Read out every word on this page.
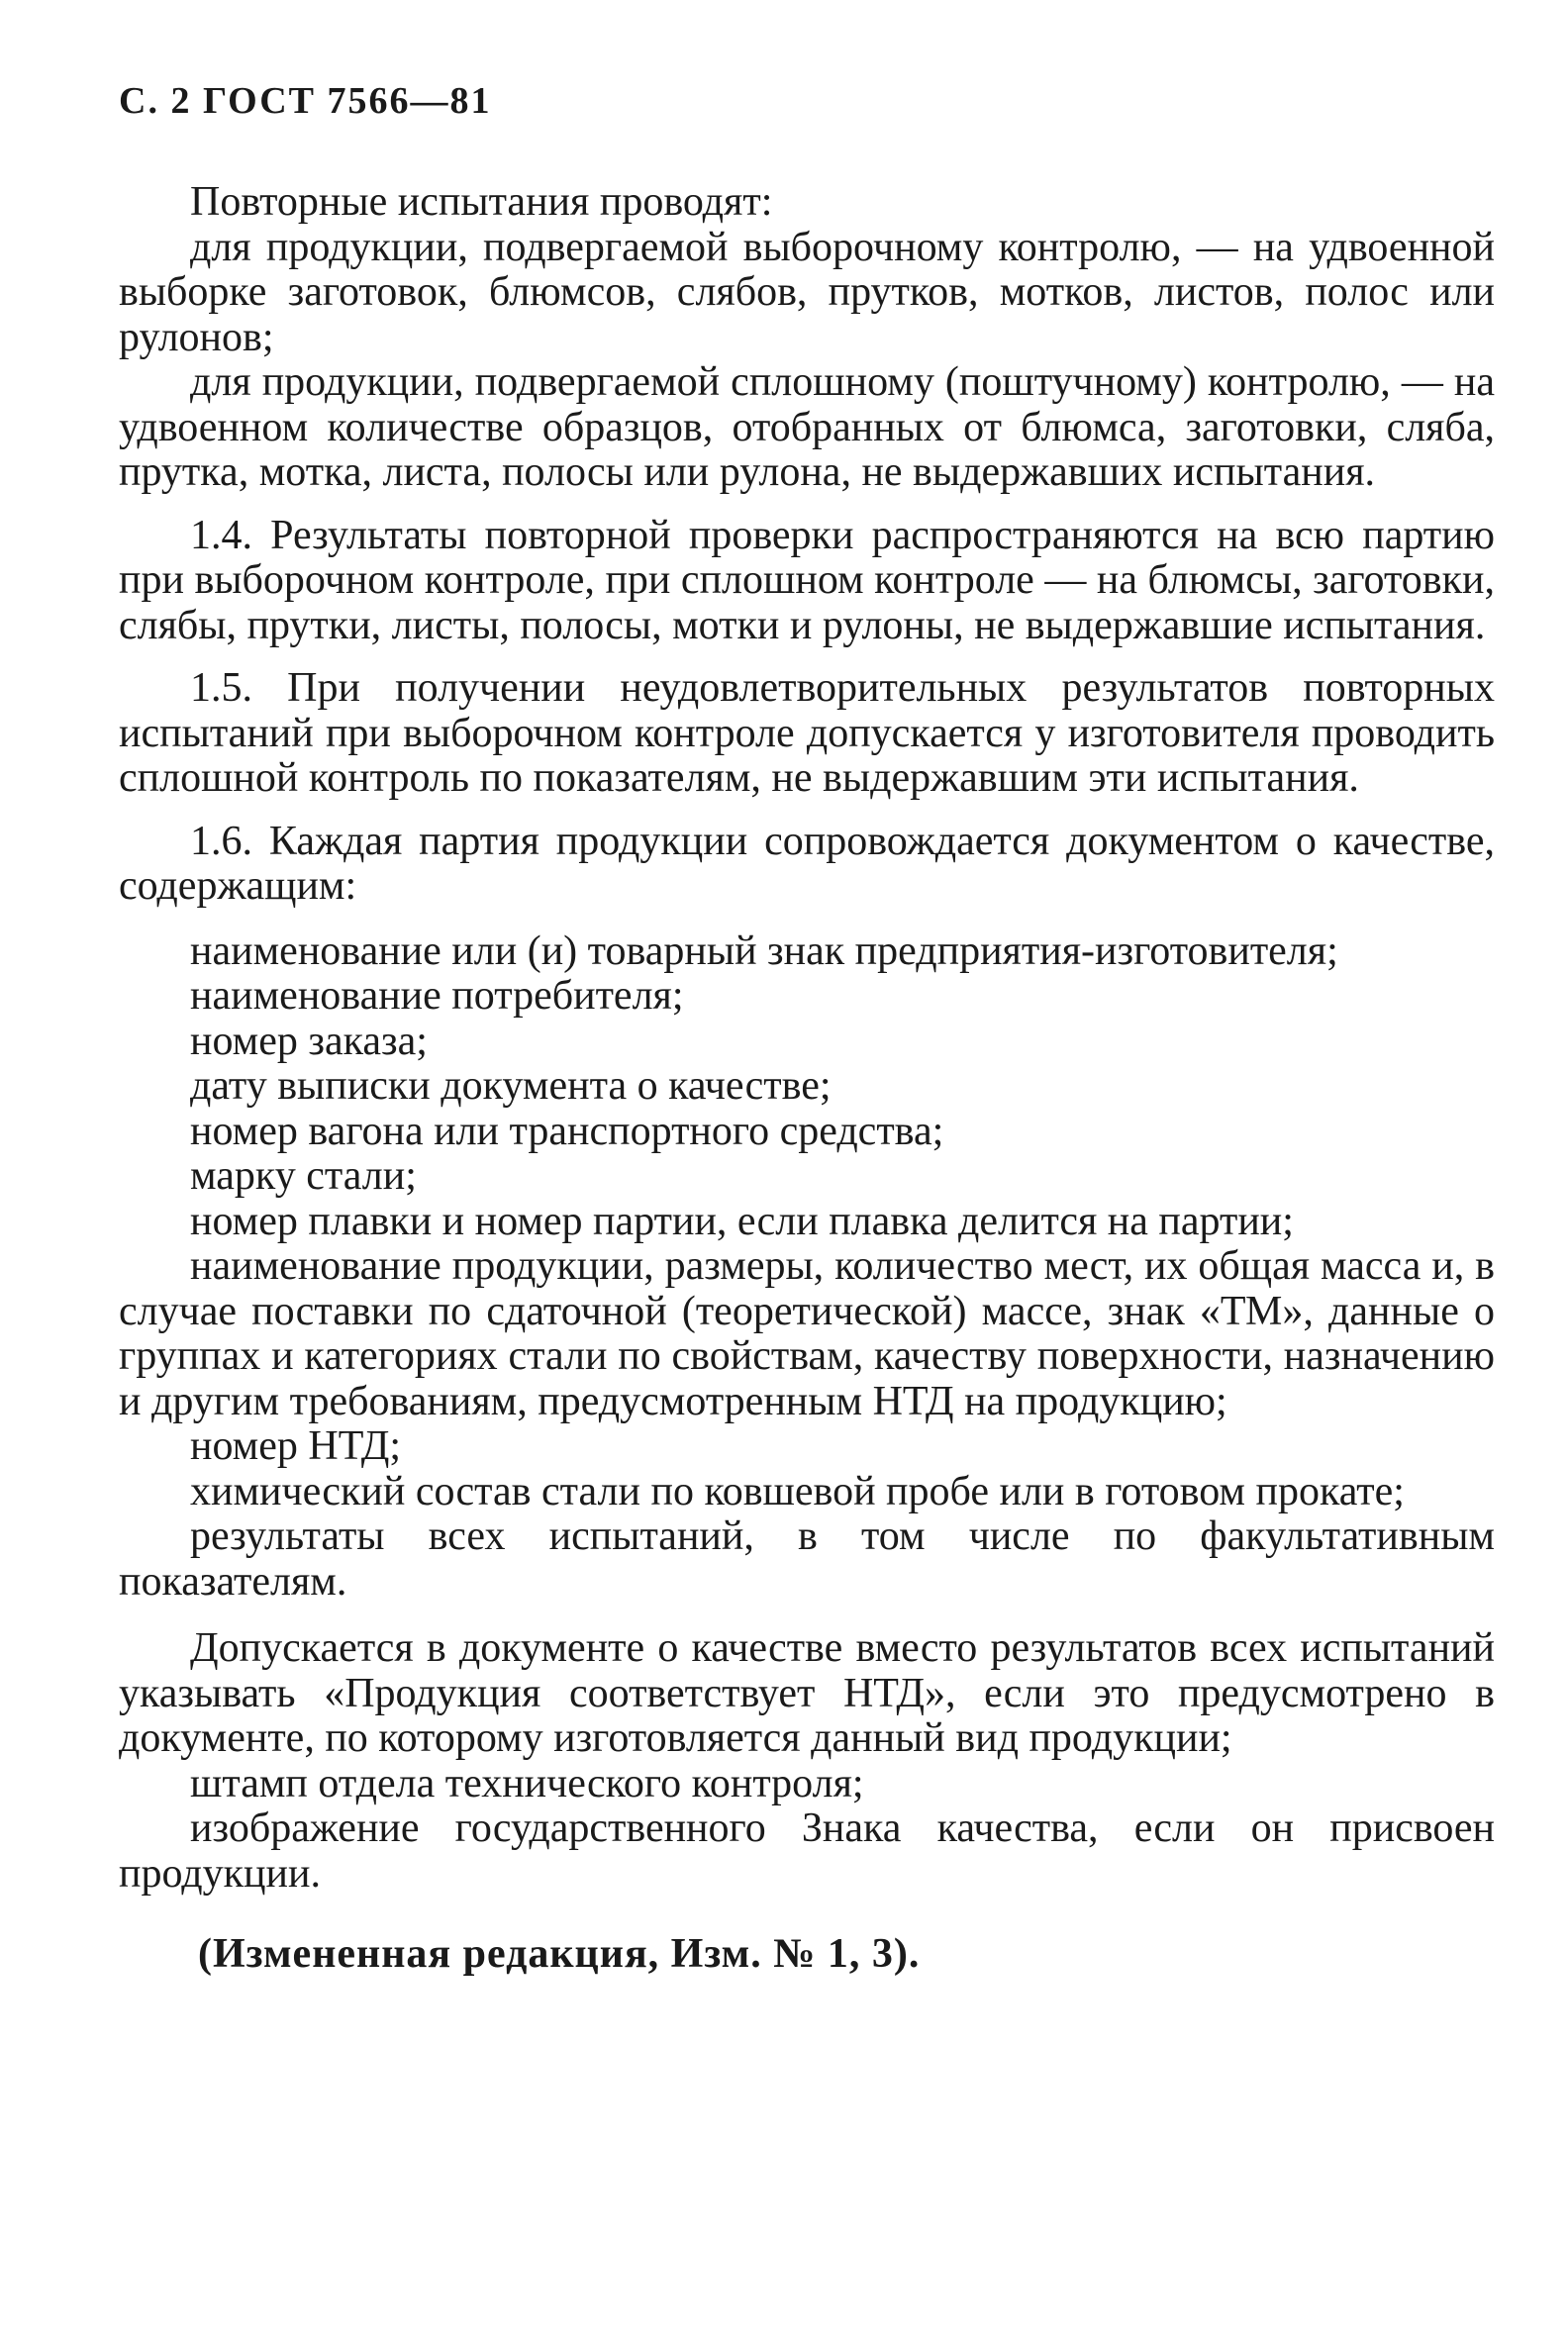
С. 2 ГОСТ 7566—81

Повторные испытания проводят:

для продукции, подвергаемой выборочному контролю, — на удвоенной выборке заготовок, блюмсов, слябов, прутков, мотков, листов, полос или рулонов;

для продукции, подвергаемой сплошному (поштучному) контролю, — на удвоенном количестве образцов, отобранных от блюмса, заготовки, сляба, прутка, мотка, листа, полосы или рулона, не выдержавших испытания.

1.4. Результаты повторной проверки распространяются на всю партию при выборочном контроле, при сплошном контроле — на блюмсы, заготовки, слябы, прутки, листы, полосы, мотки и рулоны, не выдержавшие испытания.

1.5. При получении неудовлетворительных результатов повторных испытаний при выборочном контроле допускается у изготовителя проводить сплошной контроль по показателям, не выдержавшим эти испытания.

1.6. Каждая партия продукции сопровождается документом о качестве, содержащим:

наименование или (и) товарный знак предприятия-изготовителя;

наименование потребителя;

номер заказа;

дату выписки документа о качестве;

номер вагона или транспортного средства;

марку стали;

номер плавки и номер партии, если плавка делится на партии;

наименование продукции, размеры, количество мест, их общая масса и, в случае поставки по сдаточной (теоретической) массе, знак «ТМ», данные о группах и категориях стали по свойствам, качеству поверхности, назначению и другим требованиям, предусмотренным НТД на продукцию;

номер НТД;

химический состав стали по ковшевой пробе или в готовом прокате;

результаты всех испытаний, в том числе по факультативным показателям.

Допускается в документе о качестве вместо результатов всех испытаний указывать «Продукция соответствует НТД», если это предусмотрено в документе, по которому изготовляется данный вид продукции;

штамп отдела технического контроля;

изображение государственного Знака качества, если он присвоен продукции.

(Измененная редакция, Изм. № 1, 3).
